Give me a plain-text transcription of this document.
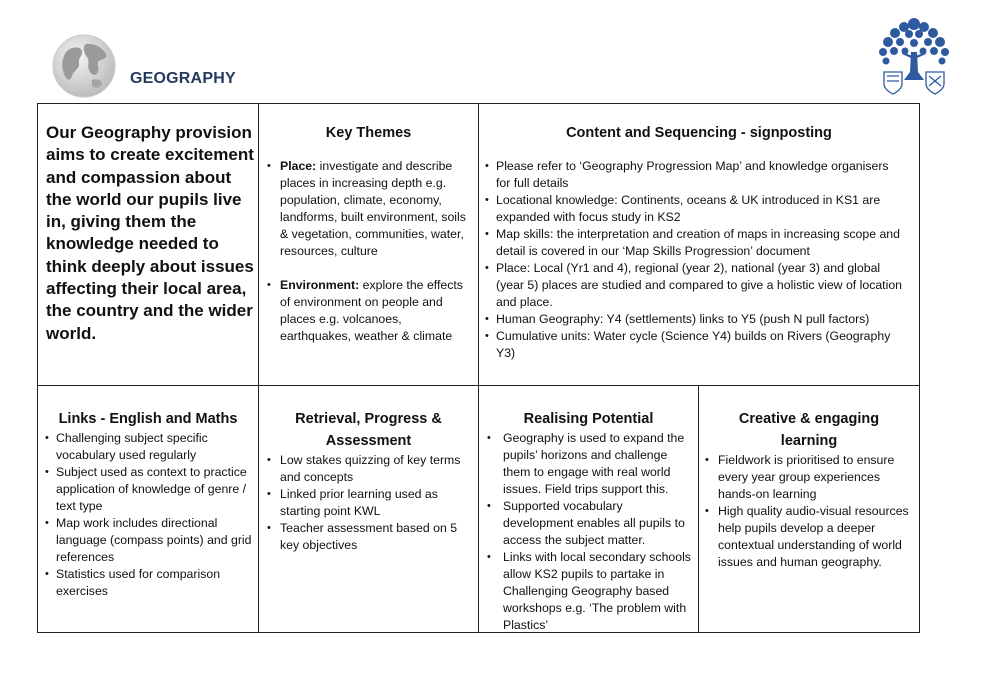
GEOGRAPHY
Our Geography provision aims to create excitement and compassion about the world our pupils live in, giving them the knowledge needed to think deeply about issues affecting their local area, the country and the wider world.
Key Themes
• Place: investigate and describe places in increasing depth e.g. population, climate, economy, landforms, built environment, soils & vegetation, communities, water, resources, culture
• Environment: explore the effects of environment on people and places e.g. volcanoes, earthquakes, weather & climate
Content and Sequencing - signposting
• Please refer to ‘Geography Progression Map’ and knowledge organisers for full details
• Locational knowledge: Continents, oceans & UK introduced in KS1 are expanded with focus study in KS2
• Map skills: the interpretation and creation of maps in increasing scope and detail is covered in our ‘Map Skills Progression’ document
• Place: Local (Yr1 and 4), regional (year 2), national (year 3) and global (year 5) places are studied and compared to give a holistic view of location and place.
• Human Geography: Y4 (settlements) links to Y5 (push N pull factors)
• Cumulative units: Water cycle (Science Y4) builds on Rivers (Geography Y3)
Links - English and Maths
• Challenging subject specific vocabulary used regularly
• Subject used as context to practice application of knowledge of genre / text type
• Map work includes directional language (compass points) and grid references
• Statistics used for comparison exercises
Retrieval, Progress & Assessment
• Low stakes quizzing of key terms and concepts
• Linked prior learning used as starting point KWL
• Teacher assessment based on 5 key objectives
Realising Potential
• Geography is used to expand the pupils’ horizons and challenge them to engage with real world issues. Field trips support this.
• Supported vocabulary development enables all pupils to access the subject matter.
• Links with local secondary schools allow KS2 pupils to partake in Challenging Geography based workshops e.g. ‘The problem with Plastics’
Creative & engaging learning
• Fieldwork is prioritised to ensure every year group experiences hands-on learning
• High quality audio-visual resources help pupils develop a deeper contextual understanding of world issues and human geography.
